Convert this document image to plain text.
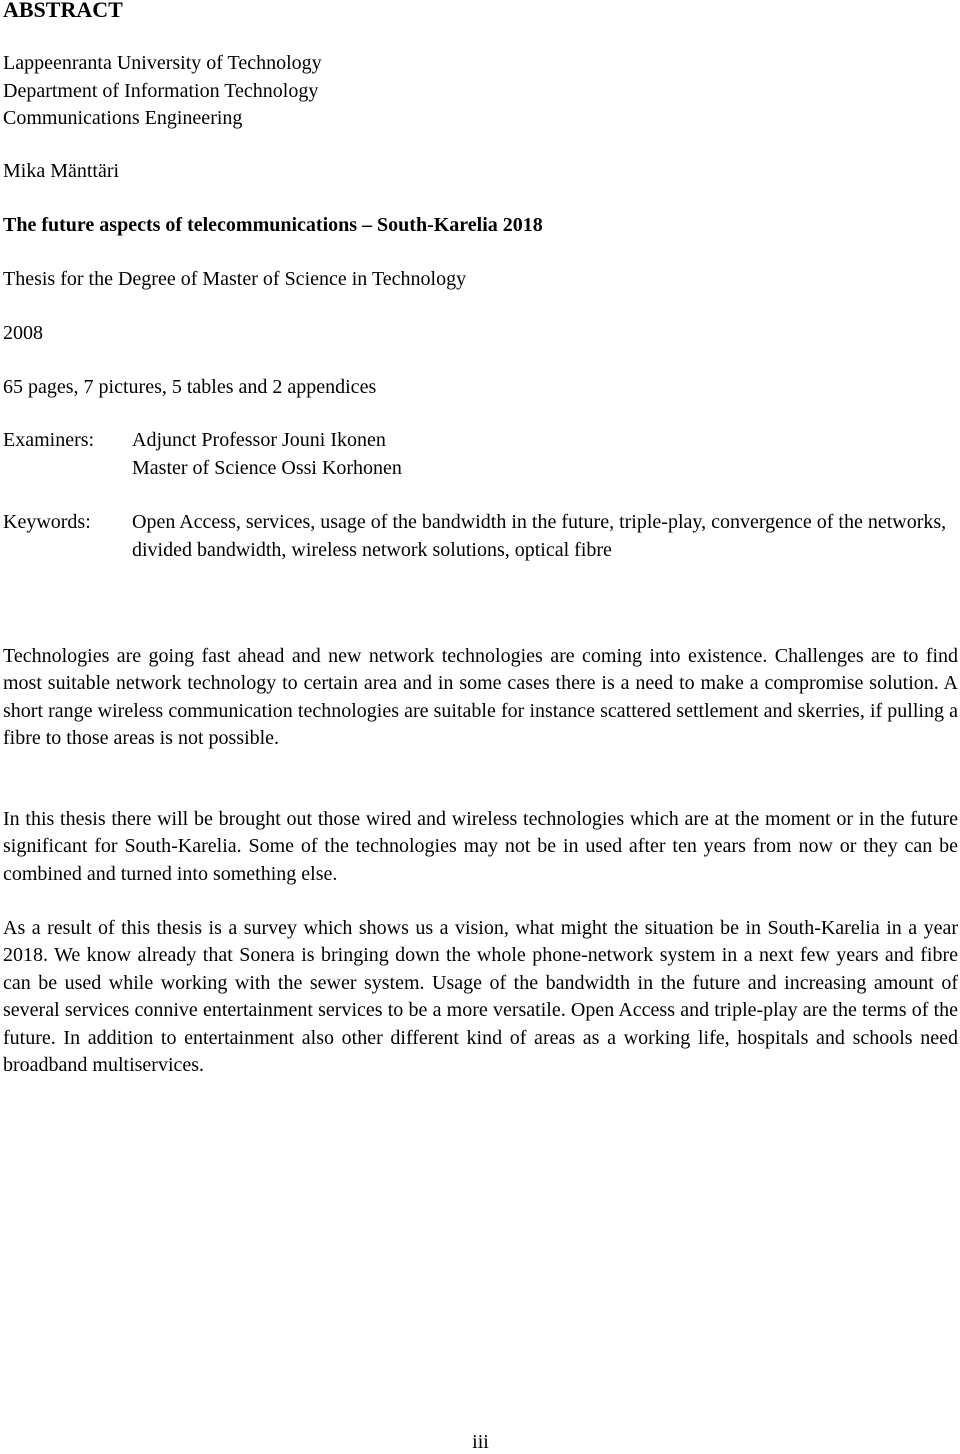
ABSTRACT
Lappeenranta University of Technology
Department of Information Technology
Communications Engineering
Mika Mänttäri
The future aspects of telecommunications – South-Karelia 2018
Thesis for the Degree of Master of Science in Technology
2008
65 pages, 7 pictures, 5 tables and 2 appendices
Examiners: Adjunct Professor Jouni Ikonen
Master of Science Ossi Korhonen
Keywords: Open Access, services, usage of the bandwidth in the future, triple-play, convergence of the networks, divided bandwidth, wireless network solutions, optical fibre
Technologies are going fast ahead and new network technologies are coming into existence. Challenges are to find most suitable network technology to certain area and in some cases there is a need to make a compromise solution. A short range wireless communication technologies are suitable for instance scattered settlement and skerries, if pulling a fibre to those areas is not possible.
In this thesis there will be brought out those wired and wireless technologies which are at the moment or in the future significant for South-Karelia. Some of the technologies may not be in used after ten years from now or they can be combined and turned into something else.
As a result of this thesis is a survey which shows us a vision, what might the situation be in South-Karelia in a year 2018. We know already that Sonera is bringing down the whole phone-network system in a next few years and fibre can be used while working with the sewer system. Usage of the bandwidth in the future and increasing amount of several services connive entertainment services to be a more versatile. Open Access and triple-play are the terms of the future. In addition to entertainment also other different kind of areas as a working life, hospitals and schools need broadband multiservices.
iii
